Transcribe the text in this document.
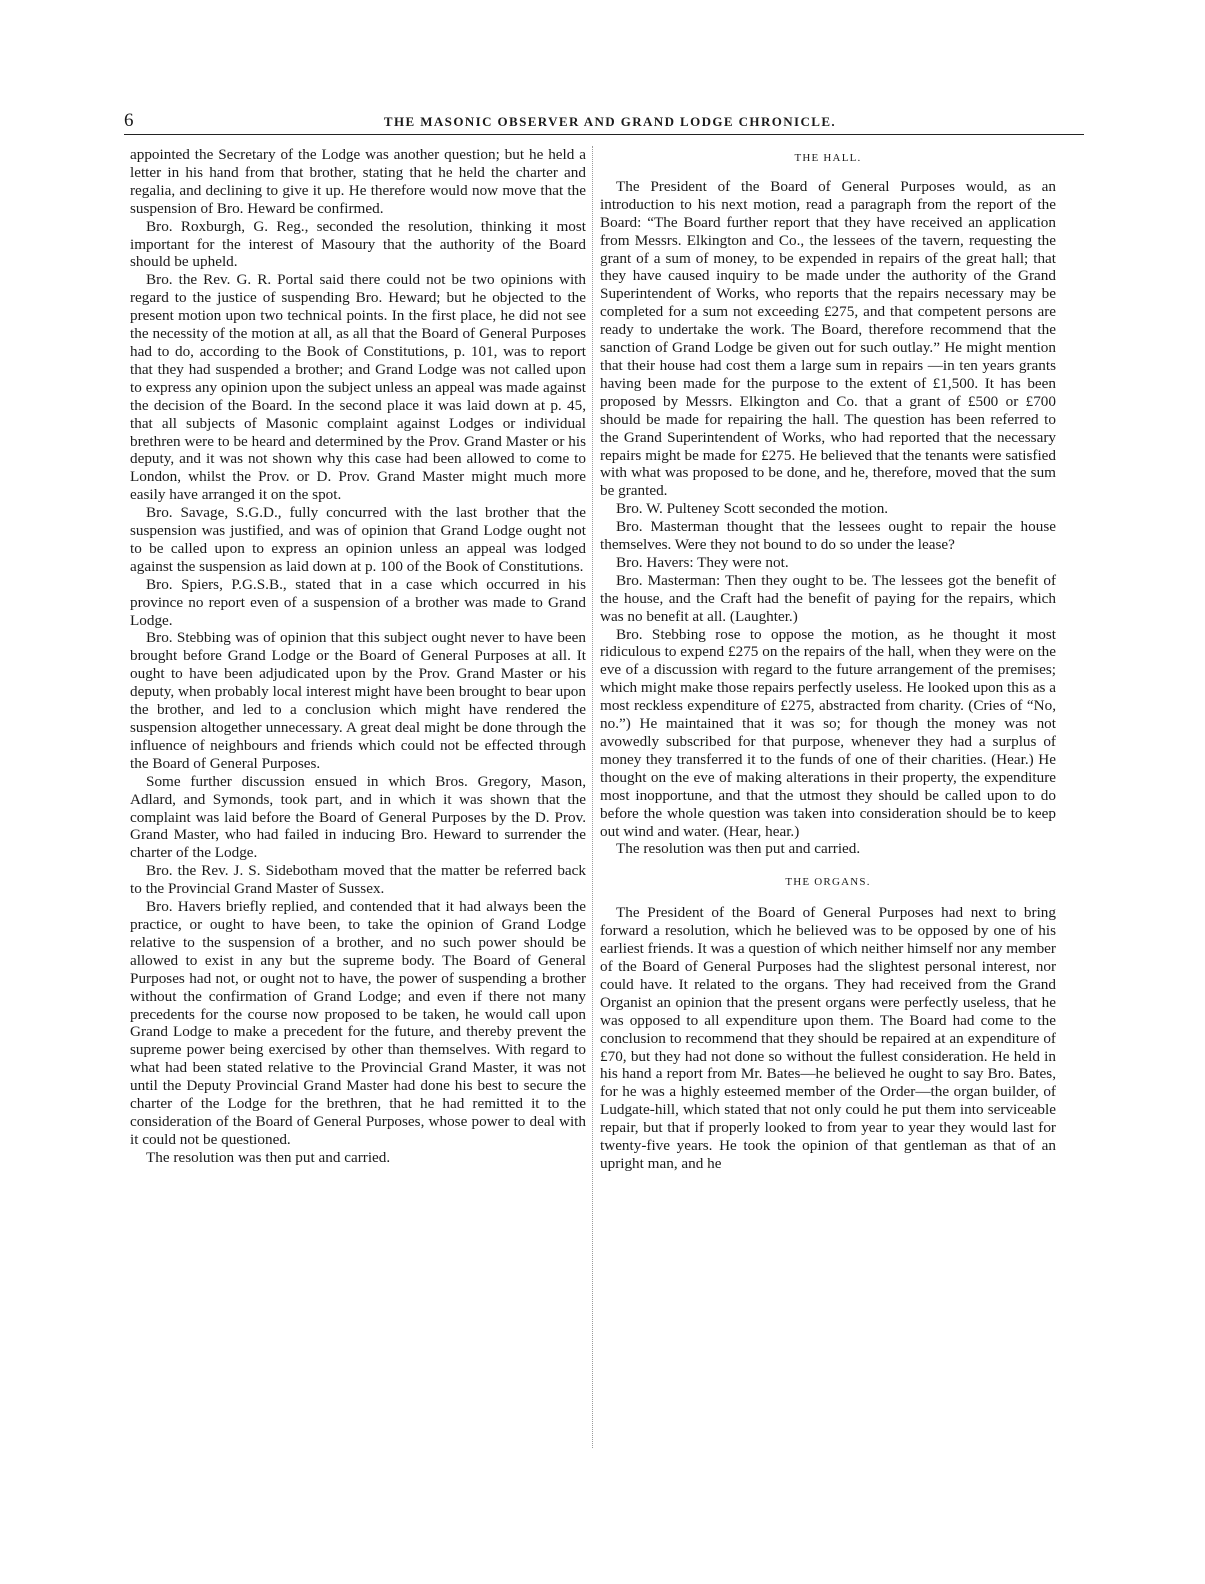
6	THE MASONIC OBSERVER AND GRAND LODGE CHRONICLE.

appointed the Secretary of the Lodge was another question; but he held a letter in his hand from that brother, stating that he held the charter and regalia, and declining to give it up. He therefore would now move that the suspension of Bro. Heward be confirmed.

Bro. Roxburgh, G. Reg., seconded the resolution, thinking it most important for the interest of Masoury that the authority of the Board should be upheld.

Bro. the Rev. G. R. Portal said there could not be two opinions with regard to the justice of suspending Bro. Heward; but he objected to the present motion upon two technical points. In the first place, he did not see the necessity of the motion at all, as all that the Board of General Purposes had to do, according to the Book of Constitutions, p. 101, was to report that they had suspended a brother; and Grand Lodge was not called upon to express any opinion upon the subject unless an appeal was made against the decision of the Board. In the second place it was laid down at p. 45, that all subjects of Masonic complaint against Lodges or individual brethren were to be heard and determined by the Prov. Grand Master or his deputy, and it was not shown why this case had been allowed to come to London, whilst the Prov. or D. Prov. Grand Master might much more easily have arranged it on the spot.

Bro. Savage, S.G.D., fully concurred with the last brother that the suspension was justified, and was of opinion that Grand Lodge ought not to be called upon to express an opinion unless an appeal was lodged against the suspension as laid down at p. 100 of the Book of Constitutions.

Bro. Spiers, P.G.S.B., stated that in a case which occurred in his province no report even of a suspension of a brother was made to Grand Lodge.

Bro. Stebbing was of opinion that this subject ought never to have been brought before Grand Lodge or the Board of General Purposes at all. It ought to have been adjudicated upon by the Prov. Grand Master or his deputy, when probably local interest might have been brought to bear upon the brother, and led to a conclusion which might have rendered the suspension altogether unnecessary. A great deal might be done through the influence of neighbours and friends which could not be effected through the Board of General Purposes.

Some further discussion ensued in which Bros. Gregory, Mason, Adlard, and Symonds, took part, and in which it was shown that the complaint was laid before the Board of General Purposes by the D. Prov. Grand Master, who had failed in inducing Bro. Heward to surrender the charter of the Lodge.

Bro. the Rev. J. S. Sidebotham moved that the matter be referred back to the Provincial Grand Master of Sussex.

Bro. Havers briefly replied, and contended that it had always been the practice, or ought to have been, to take the opinion of Grand Lodge relative to the suspension of a brother, and no such power should be allowed to exist in any but the supreme body. The Board of General Purposes had not, or ought not to have, the power of suspending a brother without the confirmation of Grand Lodge; and even if there not many precedents for the course now proposed to be taken, he would call upon Grand Lodge to make a precedent for the future, and thereby prevent the supreme power being exercised by other than themselves. With regard to what had been stated relative to the Provincial Grand Master, it was not until the Deputy Provincial Grand Master had done his best to secure the charter of the Lodge for the brethren, that he had remitted it to the consideration of the Board of General Purposes, whose power to deal with it could not be questioned.

The resolution was then put and carried.

THE HALL.

The President of the Board of General Purposes would, as an introduction to his next motion, read a paragraph from the report of the Board: “The Board further report that they have received an application from Messrs. Elkington and Co., the lessees of the tavern, requesting the grant of a sum of money, to be expended in repairs of the great hall; that they have caused inquiry to be made under the authority of the Grand Superintendent of Works, who reports that the repairs necessary may be completed for a sum not exceeding £275, and that competent persons are ready to undertake the work. The Board, therefore recommend that the sanction of Grand Lodge be given out for such outlay.” He might mention that their house had cost them a large sum in repairs —in ten years grants having been made for the purpose to the extent of £1,500. It has been proposed by Messrs. Elkington and Co. that a grant of £500 or £700 should be made for repairing the hall. The question has been referred to the Grand Superintendent of Works, who had reported that the necessary repairs might be made for £275. He believed that the tenants were satisfied with what was proposed to be done, and he, therefore, moved that the sum be granted.

Bro. W. Pulteney Scott seconded the motion.

Bro. Masterman thought that the lessees ought to repair the house themselves. Were they not bound to do so under the lease?

Bro. Havers: They were not.

Bro. Masterman: Then they ought to be. The lessees got the benefit of the house, and the Craft had the benefit of paying for the repairs, which was no benefit at all. (Laughter.)

Bro. Stebbing rose to oppose the motion, as he thought it most ridiculous to expend £275 on the repairs of the hall, when they were on the eve of a discussion with regard to the future arrangement of the premises; which might make those repairs perfectly useless. He looked upon this as a most reckless expenditure of £275, abstracted from charity. (Cries of “No, no.”) He maintained that it was so; for though the money was not avowedly subscribed for that purpose, whenever they had a surplus of money they transferred it to the funds of one of their charities. (Hear.) He thought on the eve of making alterations in their property, the expenditure most inopportune, and that the utmost they should be called upon to do before the whole question was taken into consideration should be to keep out wind and water. (Hear, hear.)

The resolution was then put and carried.

THE ORGANS.

The President of the Board of General Purposes had next to bring forward a resolution, which he believed was to be opposed by one of his earliest friends. It was a question of which neither himself nor any member of the Board of General Purposes had the slightest personal interest, nor could have. It related to the organs. They had received from the Grand Organist an opinion that the present organs were perfectly useless, that he was opposed to all expenditure upon them. The Board had come to the conclusion to recommend that they should be repaired at an expenditure of £70, but they had not done so without the fullest consideration. He held in his hand a report from Mr. Bates—he believed he ought to say Bro. Bates, for he was a highly esteemed member of the Order—the organ builder, of Ludgate-hill, which stated that not only could he put them into serviceable repair, but that if properly looked to from year to year they would last for twenty-five years. He took the opinion of that gentleman as that of an upright man, and he
